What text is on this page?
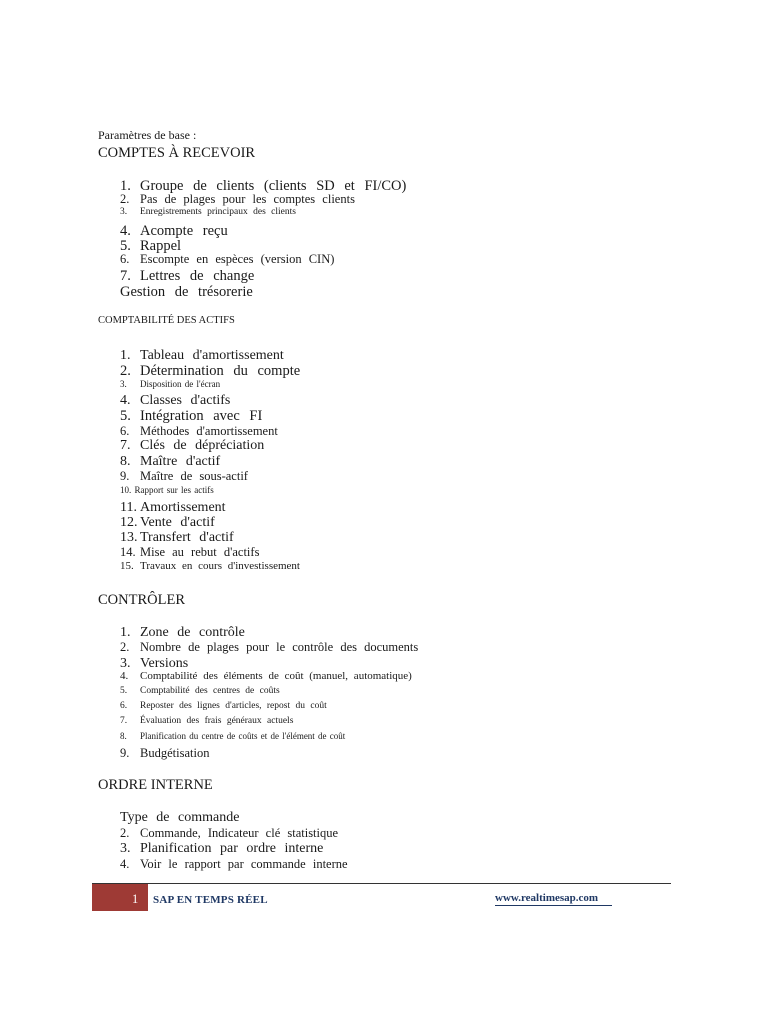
Paramètres de base :
COMPTES À RECEVOIR
1. Groupe de clients (clients SD et FI/CO)
2. Pas de plages pour les comptes clients
3. Enregistrements principaux des clients
4. Acompte reçu
5. Rappel
6. Escompte en espèces (version CIN)
7. Lettres de change
Gestion de trésorerie
COMPTABILITÉ DES ACTIFS
1. Tableau d'amortissement
2. Détermination du compte
3. Disposition de l'écran
4. Classes d'actifs
5. Intégration avec FI
6. Méthodes d'amortissement
7. Clés de dépréciation
8. Maître d'actif
9. Maître de sous-actif
10. Rapport sur les actifs
11. Amortissement
12. Vente d'actif
13. Transfert d'actif
14. Mise au rebut d'actifs
15. Travaux en cours d'investissement
CONTRÔLER
1. Zone de contrôle
2. Nombre de plages pour le contrôle des documents
3. Versions
4. Comptabilité des éléments de coût (manuel, automatique)
5. Comptabilité des centres de coûts
6. Reposter des lignes d'articles, repost du coût
7. Évaluation des frais généraux actuels
8. Planification du centre de coûts et de l'élément de coût
9. Budgétisation
ORDRE INTERNE
Type de commande
2. Commande, Indicateur clé statistique
3. Planification par ordre interne
4. Voir le rapport par commande interne
1 SAP EN TEMPS RÉEL	www.realtimesap.com
